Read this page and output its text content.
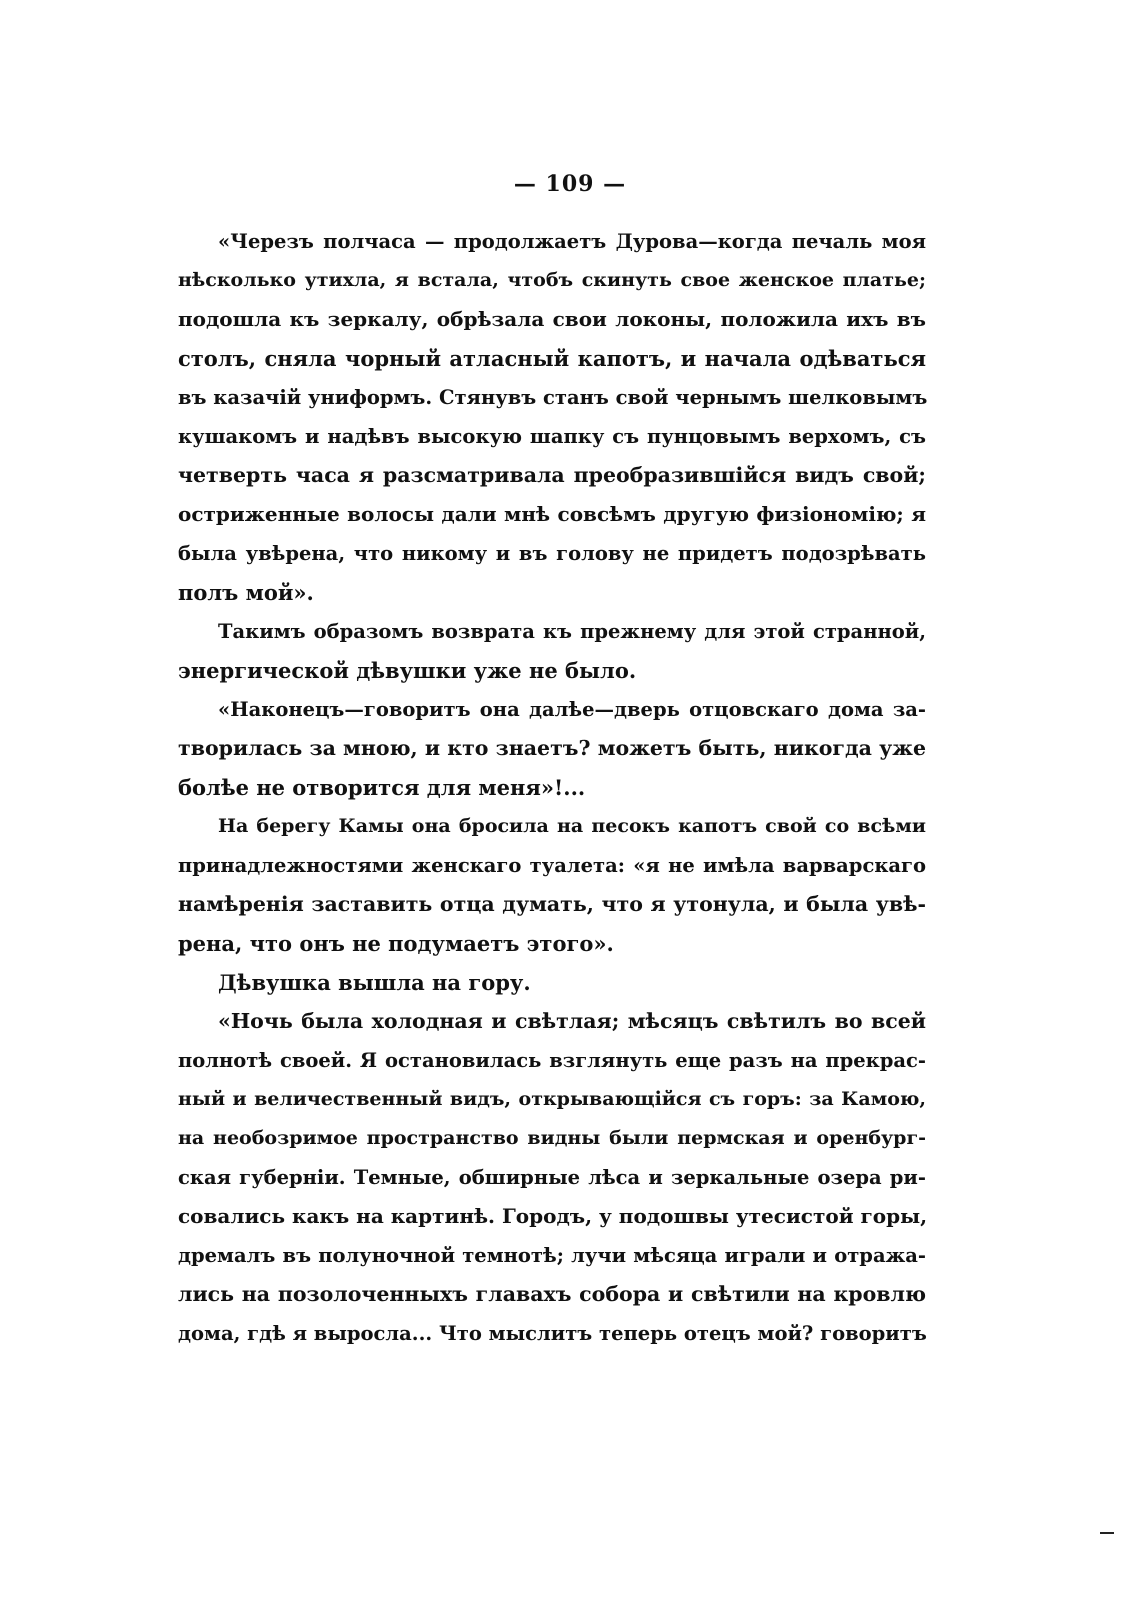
— 109 —
«Черезъ полчаса — продолжаетъ Дурова—когда печаль моя
нѣсколько утихла, я встала, чтобъ скинуть свое женское платье;
подошла къ зеркалу, обрѣзала свои локоны, положила ихъ въ
столъ, сняла чорный атласный капотъ, и начала одѣваться
въ казачій униформъ. Стянувъ станъ свой чернымъ шелковымъ
кушакомъ и надѣвъ высокую шапку съ пунцовымъ верхомъ, съ
четверть часа я разсматривала преобразившійся видъ свой;
остриженные волосы дали мнѣ совсѣмъ другую физіономію; я
была увѣрена, что никому и въ голову не придетъ подозрѣвать
полъ мой».
Такимъ образомъ возврата къ прежнему для этой странной,
энергической дѣвушки уже не было.
«Наконецъ—говоритъ она далѣе—дверь отцовскаго дома за-
творилась за мною, и кто знаетъ? можетъ быть, никогда уже
болѣе не отворится для меня»!...
На берегу Камы она бросила на песокъ капотъ свой со всѣми
принадлежностями женскаго туалета: «я не имѣла варварскаго
намѣренія заставить отца думать, что я утонула, и была увѣ-
рена, что онъ не подумаетъ этого».
Дѣвушка вышла на гору.
«Ночь была холодная и свѣтлая; мѣсяцъ свѣтилъ во всей
полнотѣ своей. Я остановилась взглянуть еще разъ на прекрас-
ный и величественный видъ, открывающійся съ горъ: за Камою,
на необозримое пространство видны были пермская и оренбург-
ская губерніи. Темные, обширные лѣса и зеркальные озера ри-
совались какъ на картинѣ. Городъ, у подошвы утесистой горы,
дремалъ въ полуночной темнотѣ; лучи мѣсяца играли и отража-
лись на позолоченныхъ главахъ собора и свѣтили на кровлю
дома, гдѣ я выросла... Что мыслитъ теперь отецъ мой? говоритъ
